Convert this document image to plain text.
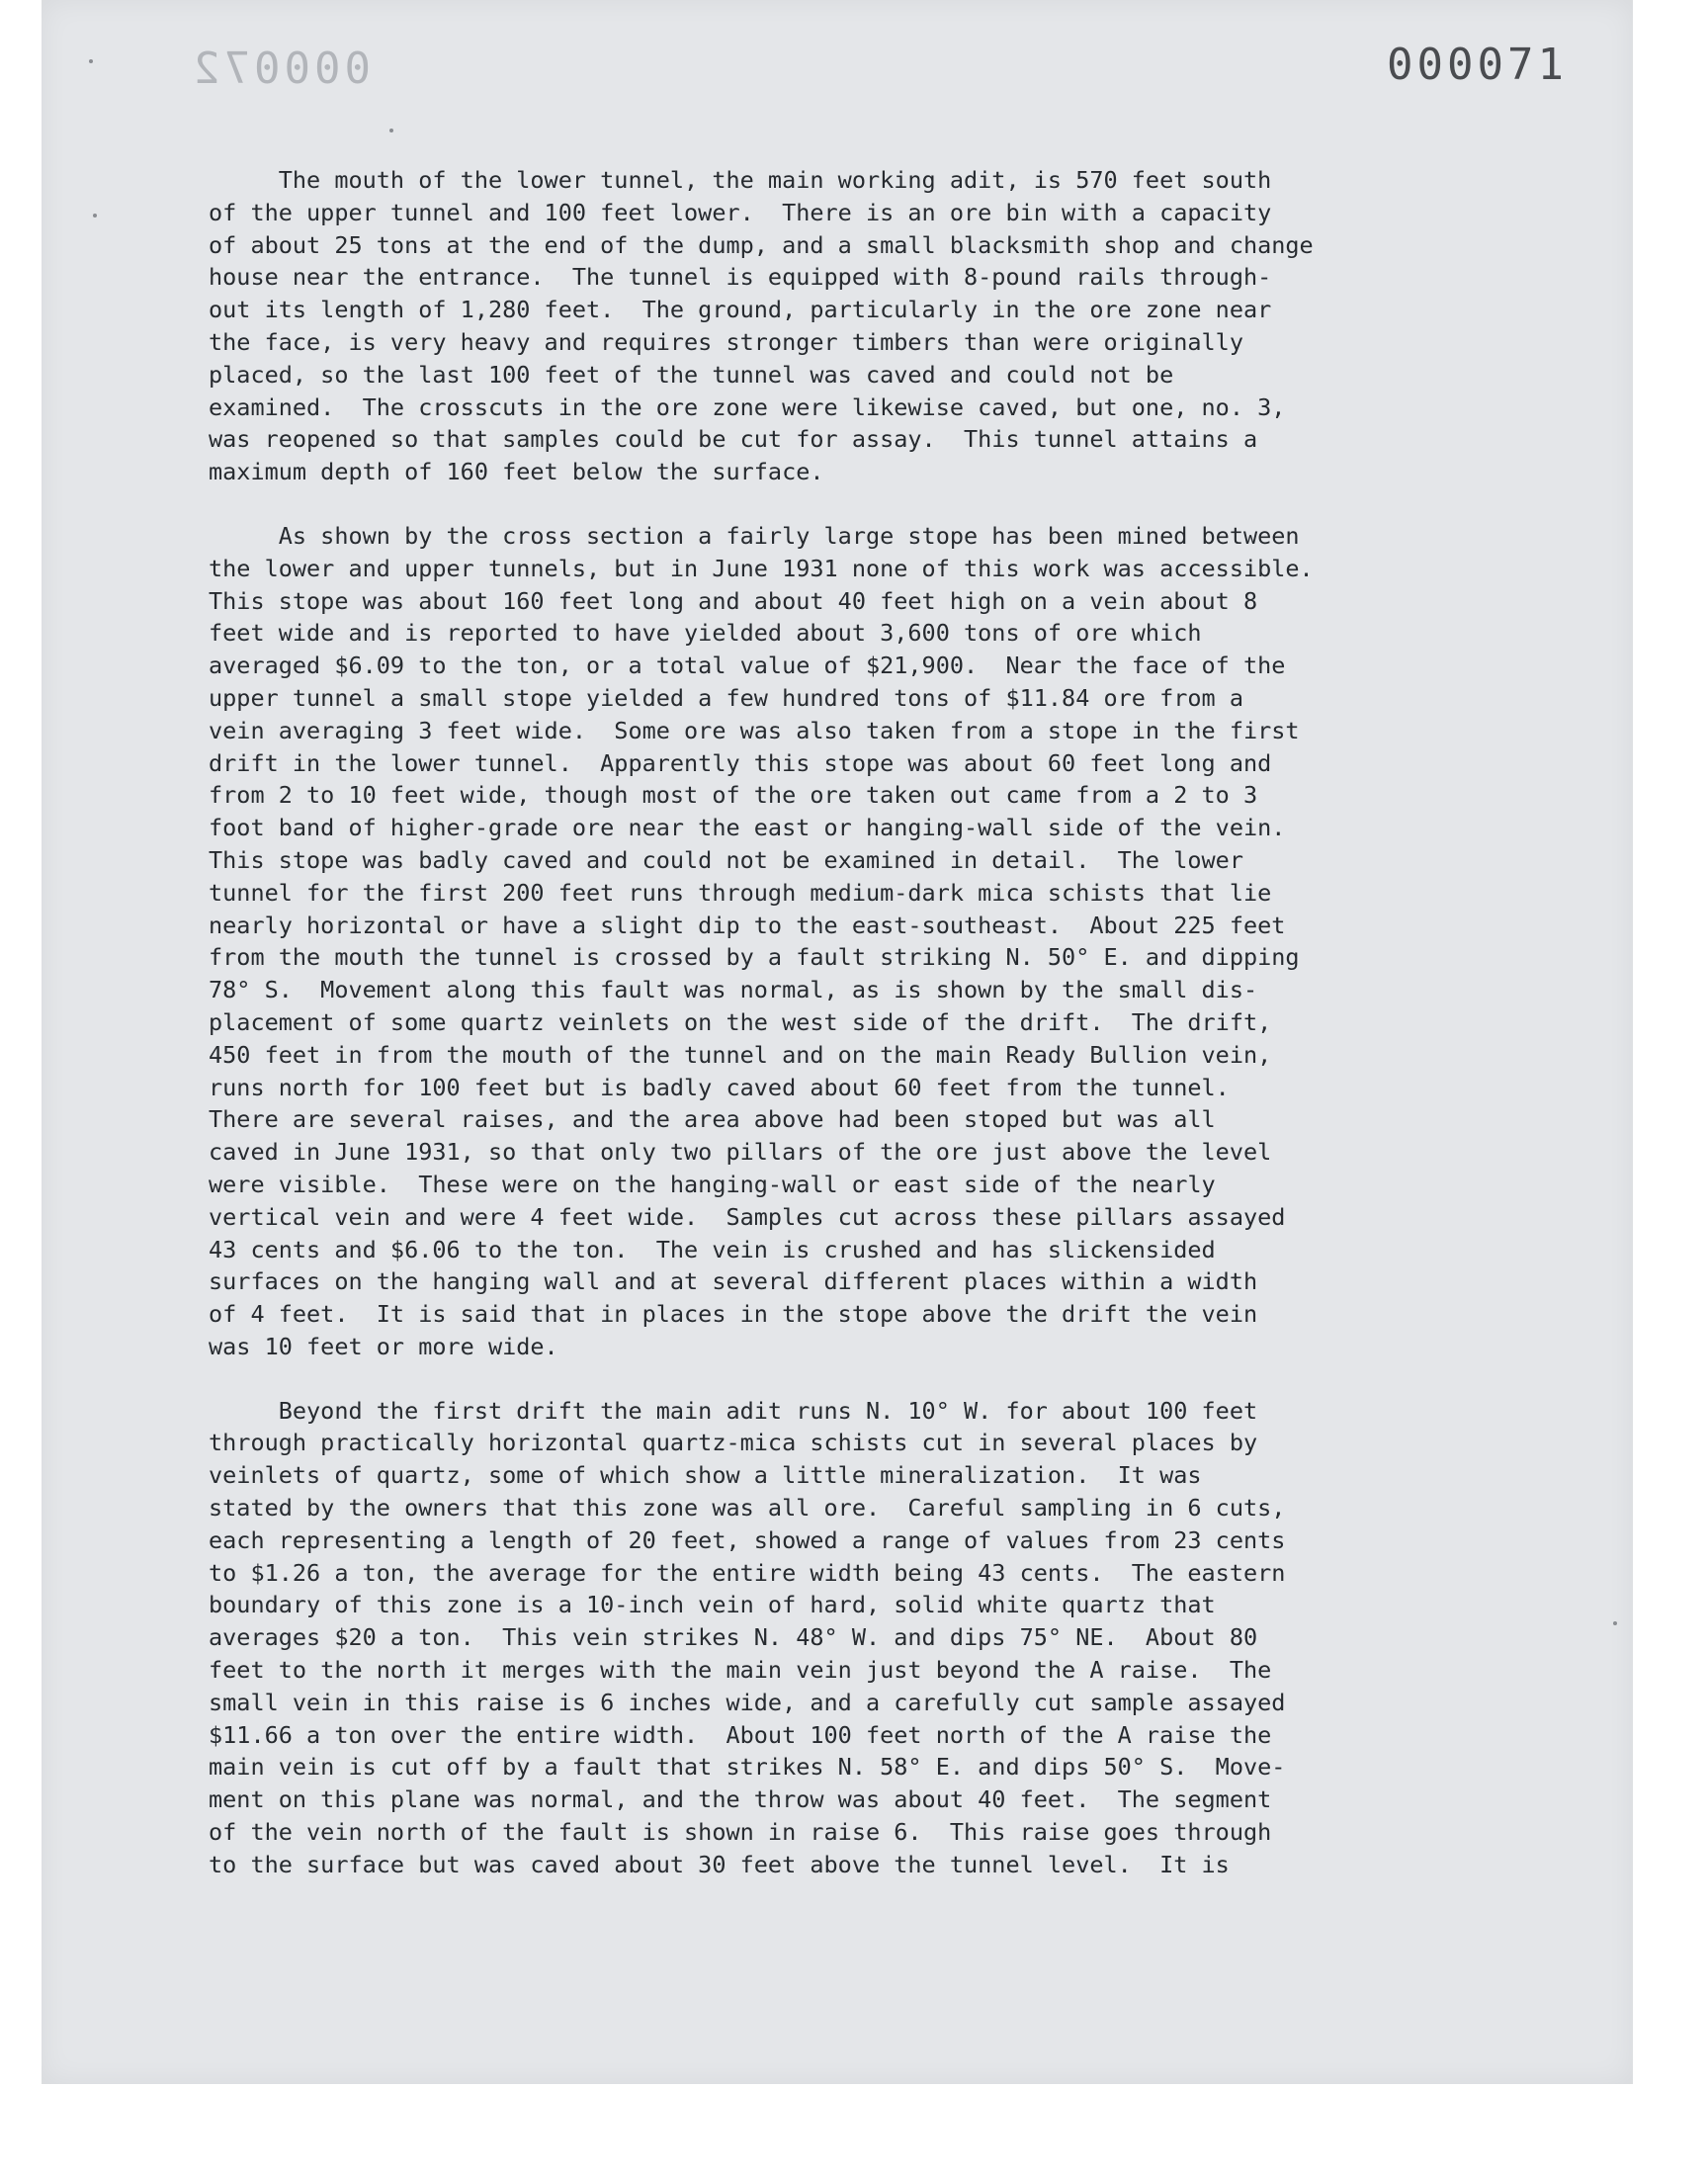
000072	000071

The mouth of the lower tunnel, the main working adit, is 570 feet south
of the upper tunnel and 100 feet lower.  There is an ore bin with a capacity
of about 25 tons at the end of the dump, and a small blacksmith shop and change
house near the entrance.  The tunnel is equipped with 8-pound rails through-
out its length of 1,280 feet.  The ground, particularly in the ore zone near
the face, is very heavy and requires stronger timbers than were originally
placed, so the last 100 feet of the tunnel was caved and could not be
examined.  The crosscuts in the ore zone were likewise caved, but one, no. 3,
was reopened so that samples could be cut for assay.  This tunnel attains a
maximum depth of 160 feet below the surface.

As shown by the cross section a fairly large stope has been mined between
the lower and upper tunnels, but in June 1931 none of this work was accessible.
This stope was about 160 feet long and about 40 feet high on a vein about 8
feet wide and is reported to have yielded about 3,600 tons of ore which
averaged $6.09 to the ton, or a total value of $21,900.  Near the face of the
upper tunnel a small stope yielded a few hundred tons of $11.84 ore from a
vein averaging 3 feet wide.  Some ore was also taken from a stope in the first
drift in the lower tunnel.  Apparently this stope was about 60 feet long and
from 2 to 10 feet wide, though most of the ore taken out came from a 2 to 3
foot band of higher-grade ore near the east or hanging-wall side of the vein.
This stope was badly caved and could not be examined in detail.  The lower
tunnel for the first 200 feet runs through medium-dark mica schists that lie
nearly horizontal or have a slight dip to the east-southeast.  About 225 feet
from the mouth the tunnel is crossed by a fault striking N. 50° E. and dipping
78° S.  Movement along this fault was normal, as is shown by the small dis-
placement of some quartz veinlets on the west side of the drift.  The drift,
450 feet in from the mouth of the tunnel and on the main Ready Bullion vein,
runs north for 100 feet but is badly caved about 60 feet from the tunnel.
There are several raises, and the area above had been stoped but was all
caved in June 1931, so that only two pillars of the ore just above the level
were visible.  These were on the hanging-wall or east side of the nearly
vertical vein and were 4 feet wide.  Samples cut across these pillars assayed
43 cents and $6.06 to the ton.  The vein is crushed and has slickensided
surfaces on the hanging wall and at several different places within a width
of 4 feet.  It is said that in places in the stope above the drift the vein
was 10 feet or more wide.

Beyond the first drift the main adit runs N. 10° W. for about 100 feet
through practically horizontal quartz-mica schists cut in several places by
veinlets of quartz, some of which show a little mineralization.  It was
stated by the owners that this zone was all ore.  Careful sampling in 6 cuts,
each representing a length of 20 feet, showed a range of values from 23 cents
to $1.26 a ton, the average for the entire width being 43 cents.  The eastern
boundary of this zone is a 10-inch vein of hard, solid white quartz that
averages $20 a ton.  This vein strikes N. 48° W. and dips 75° NE.  About 80
feet to the north it merges with the main vein just beyond the A raise.  The
small vein in this raise is 6 inches wide, and a carefully cut sample assayed
$11.66 a ton over the entire width.  About 100 feet north of the A raise the
main vein is cut off by a fault that strikes N. 58° E. and dips 50° S.  Move-
ment on this plane was normal, and the throw was about 40 feet.  The segment
of the vein north of the fault is shown in raise 6.  This raise goes through
to the surface but was caved about 30 feet above the tunnel level.  It is
